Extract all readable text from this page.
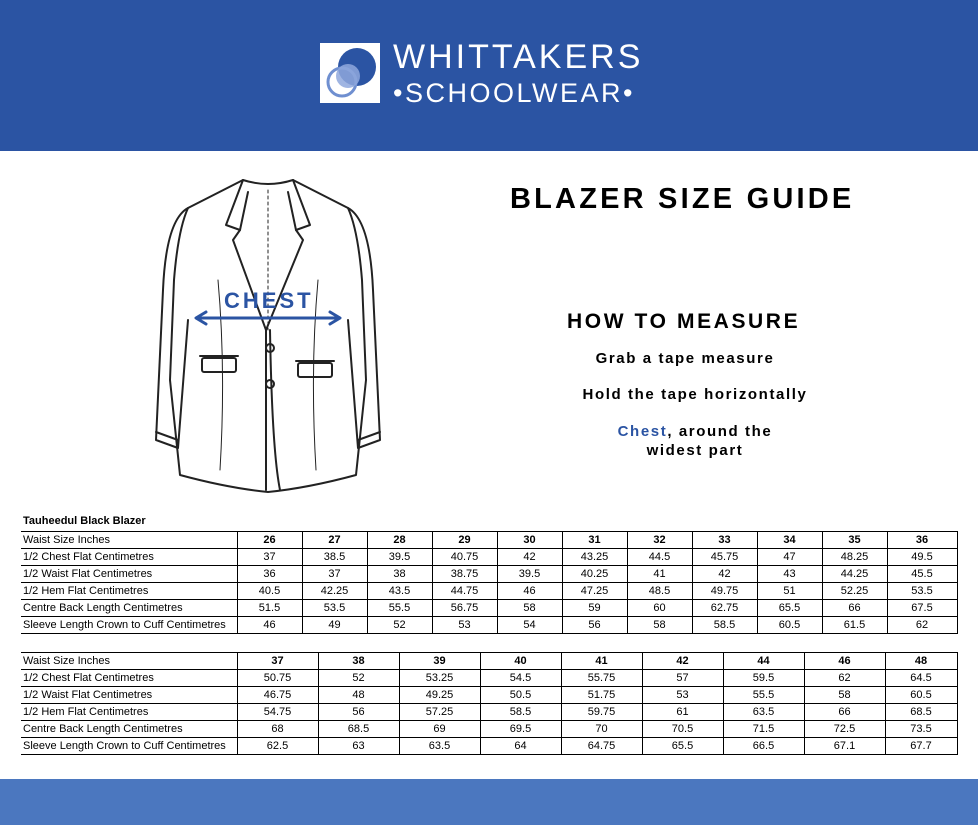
WHITTAKERS
•SCHOOLWEAR•
CHEST
BLAZER SIZE GUIDE
HOW TO MEASURE
Grab a tape measure
Hold the tape horizontally
Chest, around the
widest part
Tauheedul Black Blazer
Waist Size Inches	26	27	28	29	30	31	32	33	34	35	36
1/2 Chest Flat Centimetres	37	38.5	39.5	40.75	42	43.25	44.5	45.75	47	48.25	49.5
1/2 Waist Flat Centimetres	36	37	38	38.75	39.5	40.25	41	42	43	44.25	45.5
1/2 Hem Flat Centimetres	40.5	42.25	43.5	44.75	46	47.25	48.5	49.75	51	52.25	53.5
Centre Back Length Centimetres	51.5	53.5	55.5	56.75	58	59	60	62.75	65.5	66	67.5
Sleeve Length Crown to Cuff Centimetres	46	49	52	53	54	56	58	58.5	60.5	61.5	62
Waist Size Inches	37	38	39	40	41	42	44	46	48
1/2 Chest Flat Centimetres	50.75	52	53.25	54.5	55.75	57	59.5	62	64.5
1/2 Waist Flat Centimetres	46.75	48	49.25	50.5	51.75	53	55.5	58	60.5
1/2 Hem Flat Centimetres	54.75	56	57.25	58.5	59.75	61	63.5	66	68.5
Centre Back Length Centimetres	68	68.5	69	69.5	70	70.5	71.5	72.5	73.5
Sleeve Length Crown to Cuff Centimetres	62.5	63	63.5	64	64.75	65.5	66.5	67.1	67.7
